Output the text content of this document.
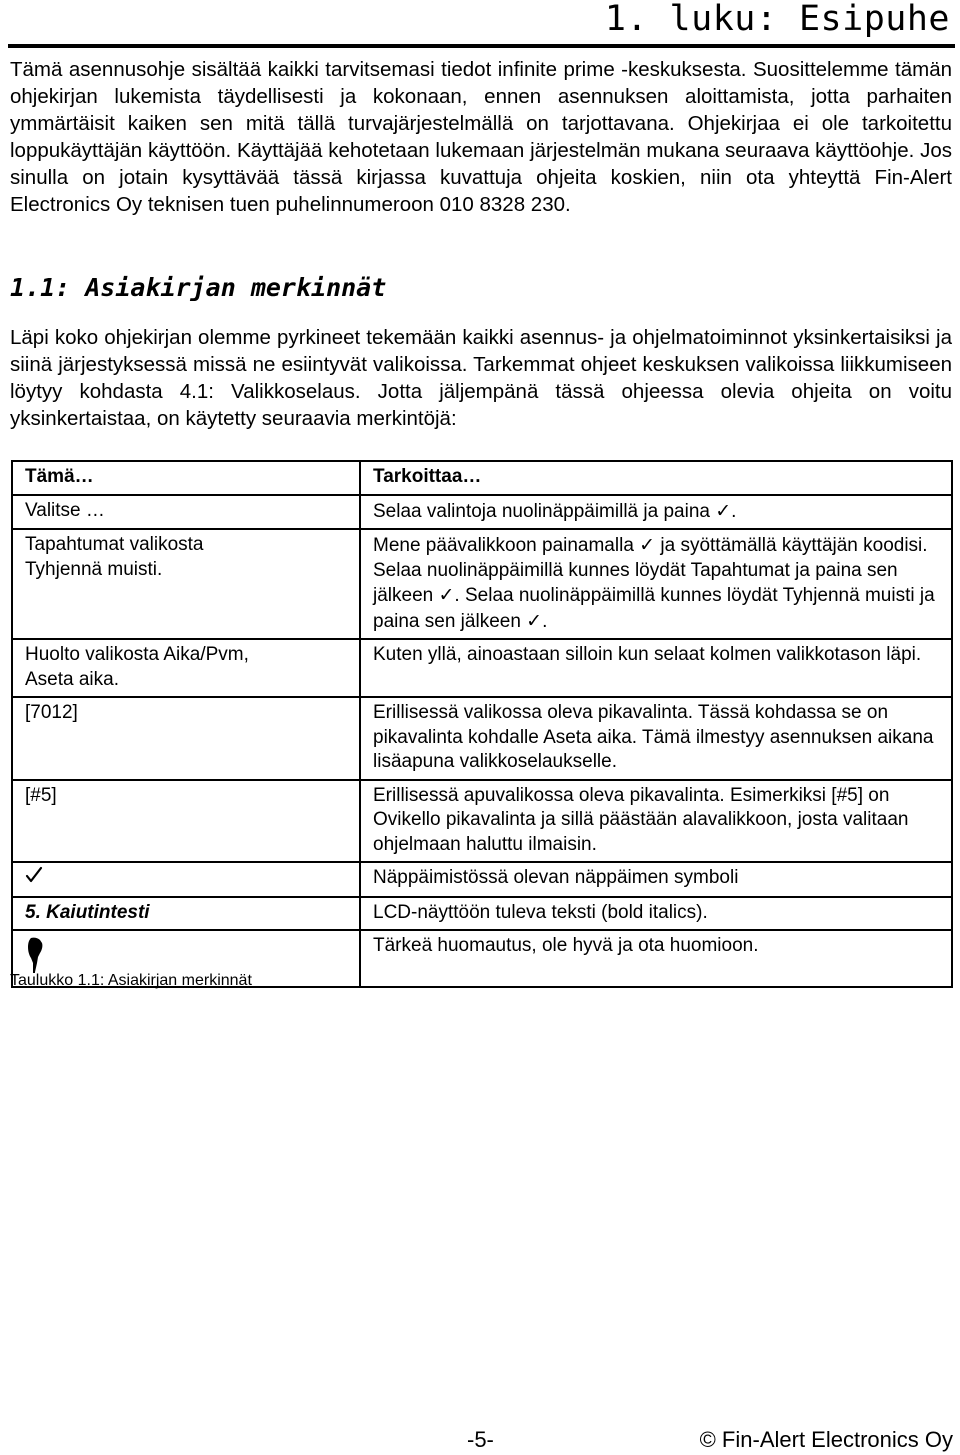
1. luku: Esipuhe

Tämä asennusohje sisältää kaikki tarvitsemasi tiedot infinite prime -keskuksesta. Suosittelemme tämän ohjekirjan lukemista täydellisesti ja kokonaan, ennen asennuksen aloittamista, jotta parhaiten ymmärtäisit kaiken sen mitä tällä turvajärjestelmällä on tarjottavana. Ohjekirjaa ei ole tarkoitettu loppukäyttäjän käyttöön. Käyttäjää kehotetaan lukemaan järjestelmän mukana seuraava käyttöohje. Jos sinulla on jotain kysyttävää tässä kirjassa kuvattuja ohjeita koskien, niin ota yhteyttä Fin-Alert Electronics Oy teknisen tuen puhelinnumeroon 010 8328 230.

1.1: Asiakirjan merkinnät

Läpi koko ohjekirjan olemme pyrkineet tekemään kaikki asennus- ja ohjelmatoiminnot yksinkertaisiksi ja siinä järjestyksessä missä ne esiintyvät valikoissa. Tarkemmat ohjeet keskuksen valikoissa liikkumiseen löytyy kohdasta 4.1: Valikkoselaus. Jotta jäljempänä tässä ohjeessa olevia ohjeita on voitu yksinkertaistaa, on käytetty seuraavia merkintöjä:

Tämä…	Tarkoittaa…
Valitse …	Selaa valintoja nuolinäppäimillä ja paina ✓.
Tapahtumat valikosta
Tyhjennä muisti.	Mene päävalikkoon painamalla ✓ ja syöttämällä käyttäjän koodisi. Selaa nuolinäppäimillä kunnes löydät Tapahtumat ja paina sen jälkeen ✓. Selaa nuolinäppäimillä kunnes löydät Tyhjennä muisti ja paina sen jälkeen ✓.
Huolto valikosta Aika/Pvm,
Aseta aika.	Kuten yllä, ainoastaan silloin kun selaat kolmen valikkotason läpi.
[7012]	Erillisessä valikossa oleva pikavalinta. Tässä kohdassa se on pikavalinta kohdalle Aseta aika. Tämä ilmestyy asennuksen aikana lisäapuna valikkoselaukselle.
[#5]	Erillisessä apuvalikossa oleva pikavalinta. Esimerkiksi [#5] on Ovikello pikavalinta ja sillä päästään alavalikkoon, josta valitaan ohjelmaan haluttu ilmaisin.
	Näppäimistössä olevan näppäimen symboli
5. Kaiutintesti	LCD-näyttöön tuleva teksti (bold italics).
	Tärkeä huomautus, ole hyvä ja ota huomioon.

Taulukko 1.1: Asiakirjan merkinnät

-5-	© Fin-Alert Electronics Oy
